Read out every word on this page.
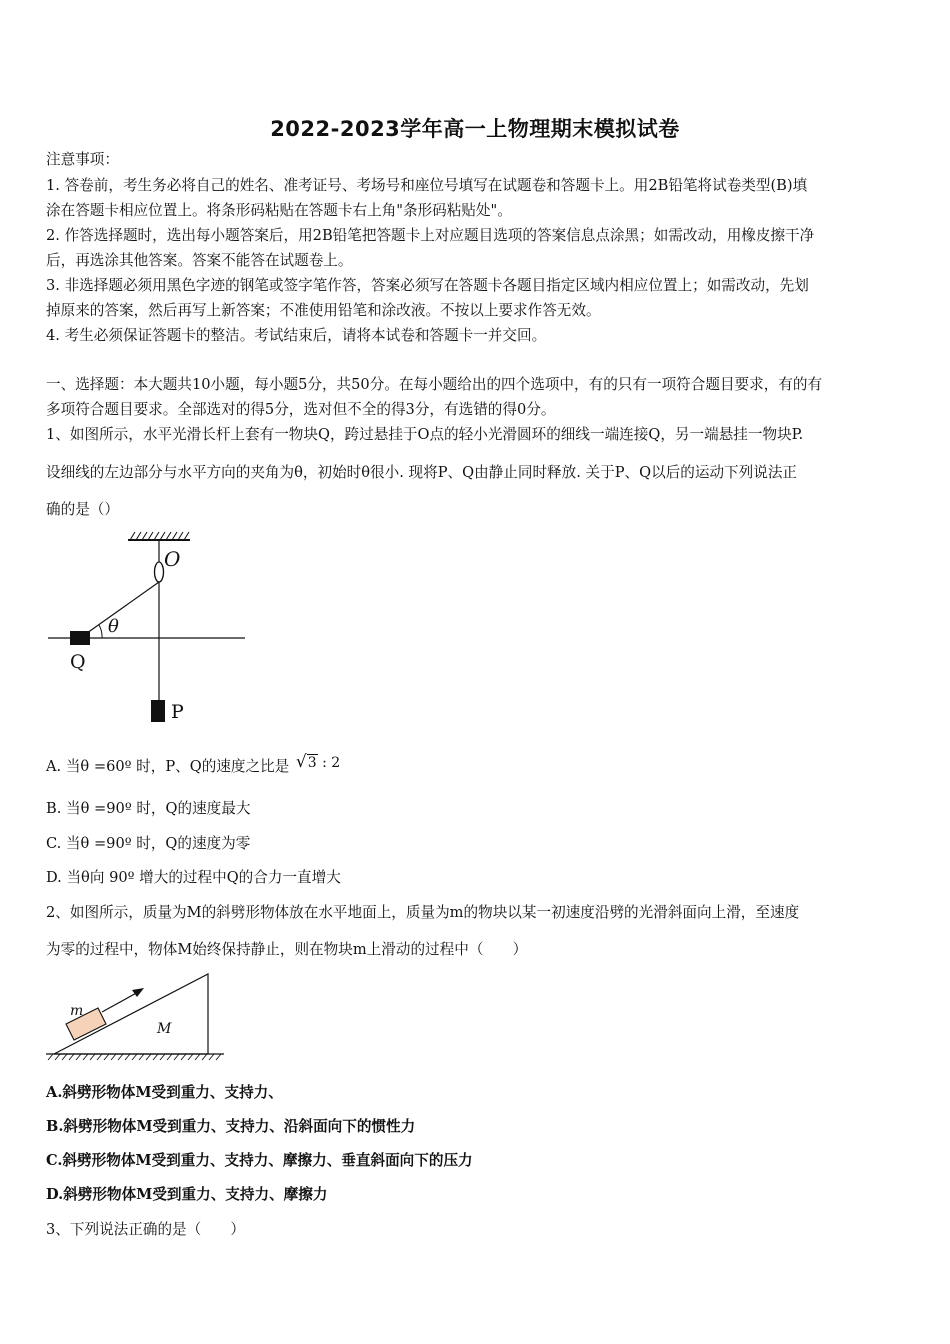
2022-2023学年高一上物理期末模拟试卷
注意事项：
1. 答卷前，考生务必将自己的姓名、准考证号、考场号和座位号填写在试题卷和答题卡上。用2B铅笔将试卷类型(B)填
涂在答题卡相应位置上。将条形码粘贴在答题卡右上角"条形码粘贴处"。
2. 作答选择题时，选出每小题答案后，用2B铅笔把答题卡上对应题目选项的答案信息点涂黑；如需改动，用橡皮擦干净
后，再选涂其他答案。答案不能答在试题卷上。
3. 非选择题必须用黑色字迹的钢笔或签字笔作答，答案必须写在答题卡各题目指定区域内相应位置上；如需改动，先划
掉原来的答案，然后再写上新答案；不准使用铅笔和涂改液。不按以上要求作答无效。
4. 考生必须保证答题卡的整洁。考试结束后，请将本试卷和答题卡一并交回。
一、选择题：本大题共10小题，每小题5分，共50分。在每小题给出的四个选项中，有的只有一项符合题目要求，有的有
多项符合题目要求。全部选对的得5分，选对但不全的得3分，有选错的得0分。
1、如图所示，水平光滑长杆上套有一物块Q，跨过悬挂于O点的轻小光滑圆环的细线一端连接Q，另一端悬挂一物块P.
设细线的左边部分与水平方向的夹角为θ，初始时θ很小. 现将P、Q由静止同时释放. 关于P、Q以后的运动下列说法正
确的是（）
O
θ
Q
P
A. 当θ =60º 时，P、Q的速度之比是 √3 : 2
B. 当θ =90º 时，Q的速度最大
C. 当θ =90º 时，Q的速度为零
D. 当θ向 90º 增大的过程中Q的合力一直增大
2、如图所示，质量为M的斜劈形物体放在水平地面上，质量为m的物块以某一初速度沿劈的光滑斜面向上滑，至速度
为零的过程中，物体M始终保持静止，则在物块m上滑动的过程中（　　）
m
M
A.斜劈形物体M受到重力、支持力、
B.斜劈形物体M受到重力、支持力、沿斜面向下的惯性力
C.斜劈形物体M受到重力、支持力、摩擦力、垂直斜面向下的压力
D.斜劈形物体M受到重力、支持力、摩擦力
3、下列说法正确的是（　　）
